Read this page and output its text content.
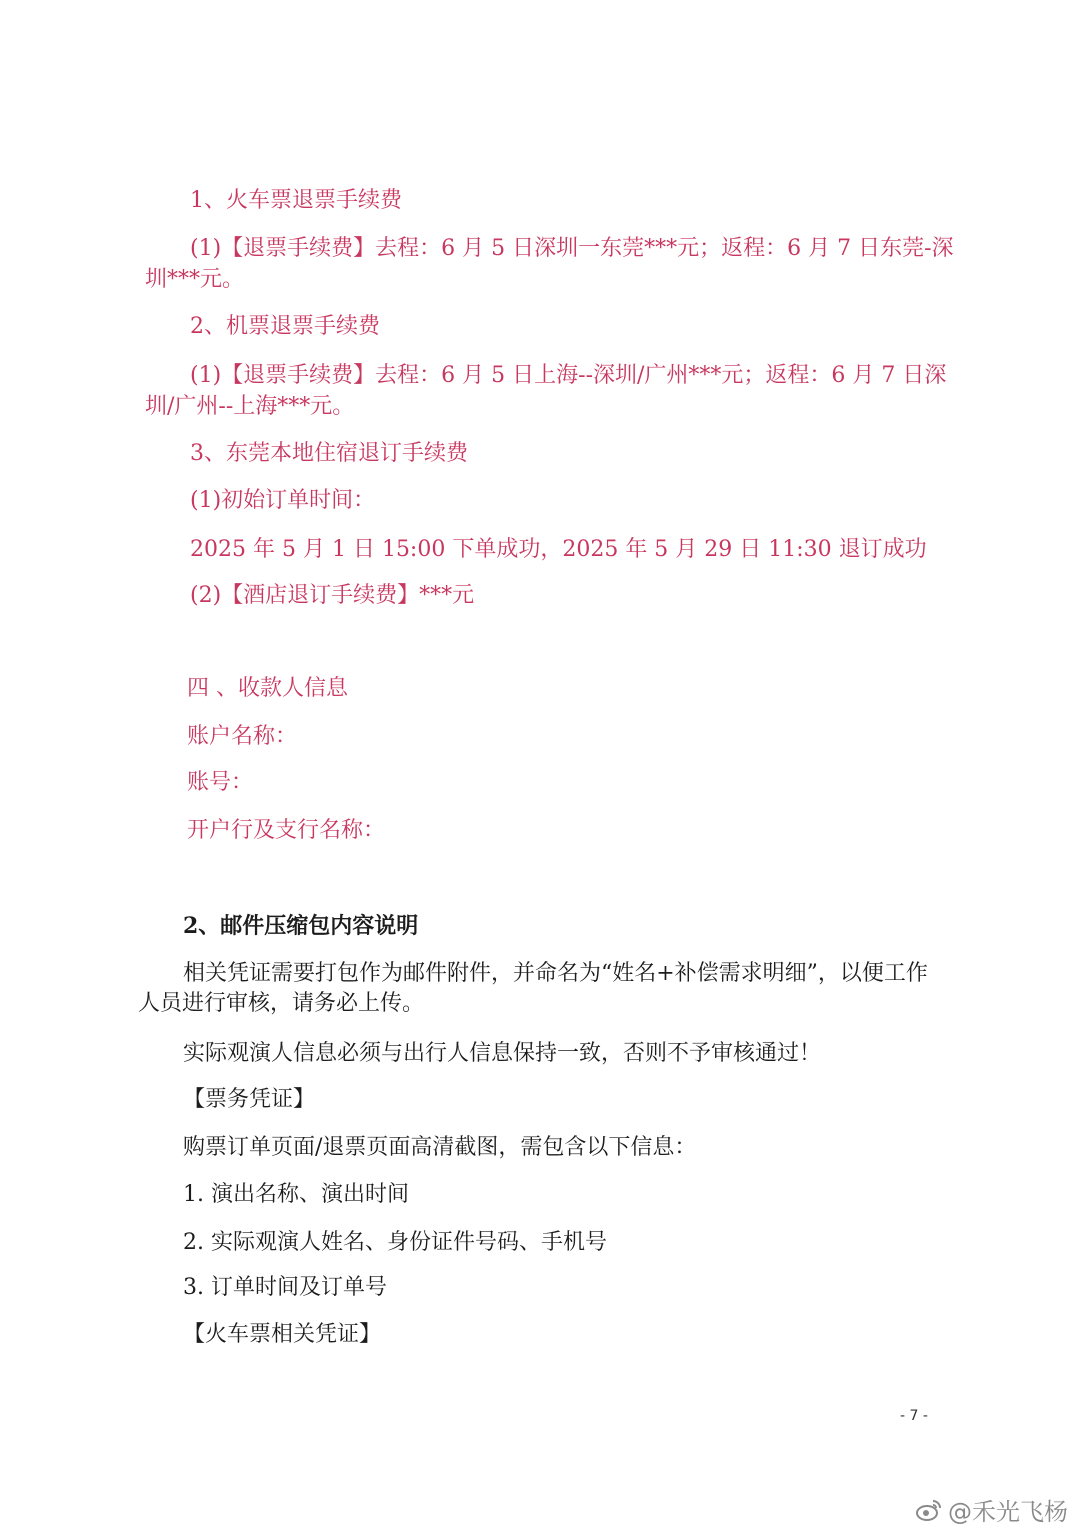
1、火车票退票手续费

(1)【退票手续费】去程：6 月 5 日深圳一东莞***元；返程：6 月 7 日东莞-深

圳***元。

2、机票退票手续费

(1)【退票手续费】去程：6 月 5 日上海--深圳/广州***元；返程：6 月 7 日深

圳/广州--上海***元。

3、东莞本地住宿退订手续费

(1)初始订单时间：

2025 年 5 月 1 日 15:00 下单成功，2025 年 5 月 29 日 11:30 退订成功

(2)【酒店退订手续费】***元

四 、收款人信息

账户名称：

账号：

开户行及支行名称：

2、邮件压缩包内容说明

相关凭证需要打包作为邮件附件，并命名为“姓名+补偿需求明细”，以便工作

人员进行审核，请务必上传。

实际观演人信息必须与出行人信息保持一致，否则不予审核通过！

【票务凭证】

购票订单页面/退票页面高清截图，需包含以下信息：

1. 演出名称、演出时间

2. 实际观演人姓名、身份证件号码、手机号

3. 订单时间及订单号

【火车票相关凭证】

- 7 -
@禾光飞杨
